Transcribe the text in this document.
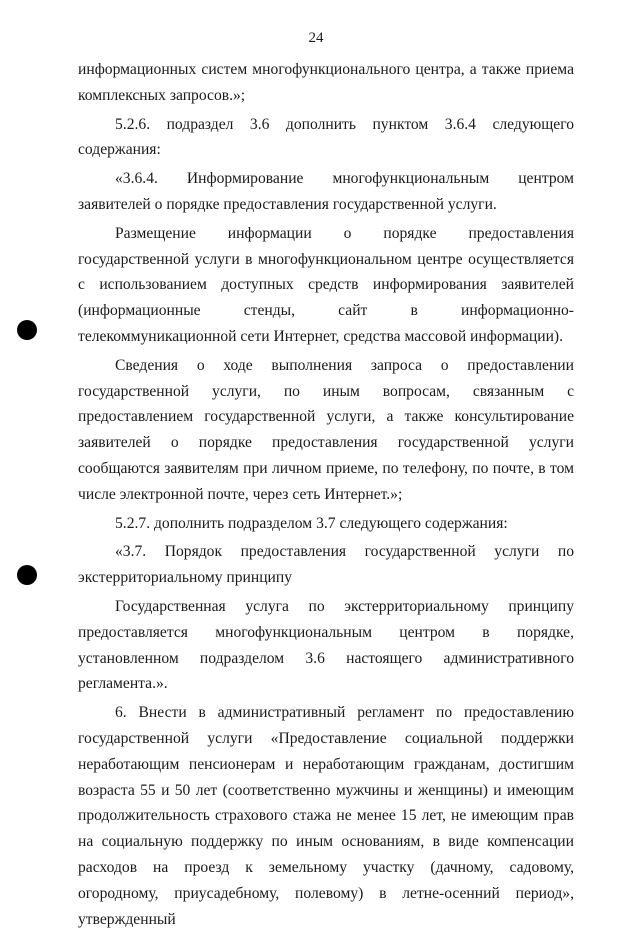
24

информационных систем многофункционального центра, а также приема комплексных запросов.»;

5.2.6. подраздел 3.6 дополнить пунктом 3.6.4 следующего содержания:

«3.6.4. Информирование многофункциональным центром заявителей о порядке предоставления государственной услуги.

Размещение информации о порядке предоставления государственной услуги в многофункциональном центре осуществляется с использованием доступных средств информирования заявителей (информационные стенды, сайт в информационно-телекоммуникационной сети Интернет, средства массовой информации).

Сведения о ходе выполнения запроса о предоставлении государственной услуги, по иным вопросам, связанным с предоставлением государственной услуги, а также консультирование заявителей о порядке предоставления государственной услуги сообщаются заявителям при личном приеме, по телефону, по почте, в том числе электронной почте, через сеть Интернет.»;

5.2.7. дополнить подразделом 3.7 следующего содержания:

«3.7. Порядок предоставления государственной услуги по экстерриториальному принципу

Государственная услуга по экстерриториальному принципу предоставляется многофункциональным центром в порядке, установленном подразделом 3.6 настоящего административного регламента.».

6. Внести в административный регламент по предоставлению государственной услуги «Предоставление социальной поддержки неработающим пенсионерам и неработающим гражданам, достигшим возраста 55 и 50 лет (соответственно мужчины и женщины) и имеющим продолжительность страхового стажа не менее 15 лет, не имеющим прав на социальную поддержку по иным основаниям, в виде компенсации расходов на проезд к земельному участку (дачному, садовому, огородному, приусадебному, полевому) в летне-осенний период», утвержденный
